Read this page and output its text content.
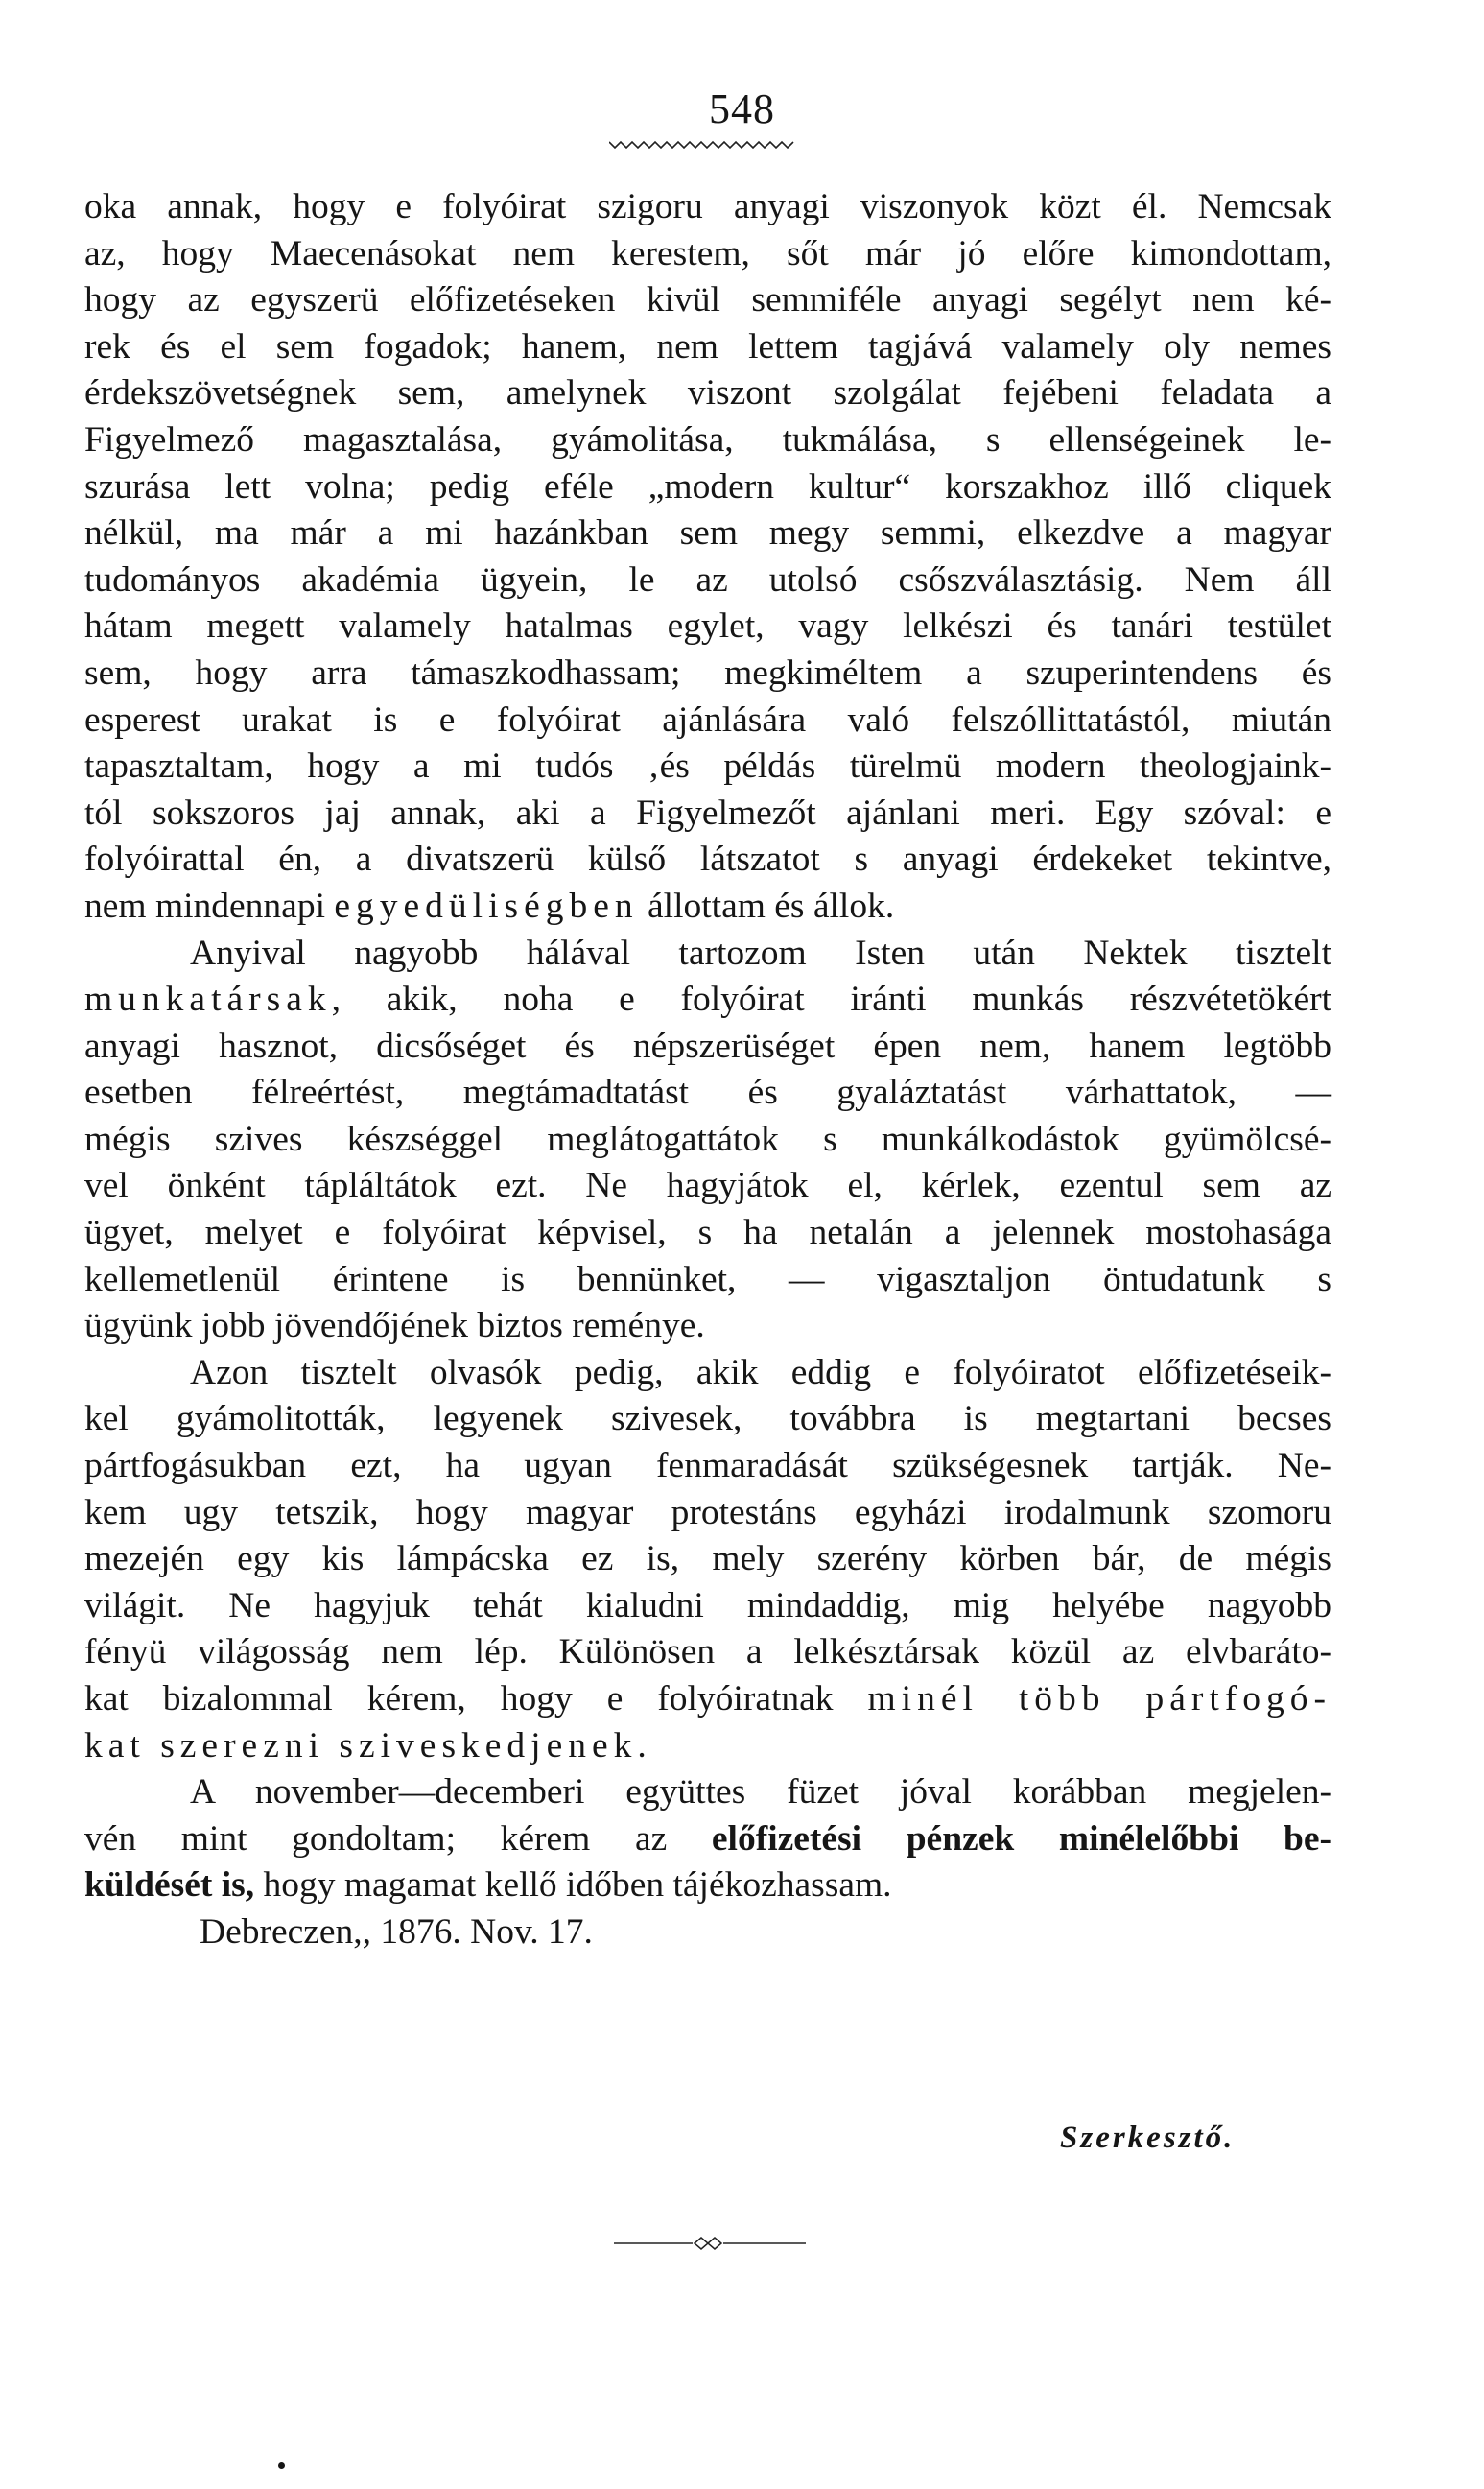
548
oka annak, hogy e folyóirat szigoru anyagi viszonyok közt él. Nemcsak
az, hogy Maecenásokat nem kerestem, sőt már jó előre kimondottam,
hogy az egyszerü előfizetéseken kivül semmiféle anyagi segélyt nem ké-
rek és el sem fogadok; hanem, nem lettem tagjává valamely oly nemes
érdekszövetségnek sem, amelynek viszont szolgálat fejébeni feladata a
Figyelmező magasztalása, gyámolitása, tukmálása, s ellenségeinek le-
szurása lett volna; pedig eféle „modern kultur“ korszakhoz illő cliquek
nélkül, ma már a mi hazánkban sem megy semmi, elkezdve a magyar
tudományos akadémia ügyein, le az utolsó csőszválasztásig. Nem áll
hátam megett valamely hatalmas egylet, vagy lelkészi és tanári testület
sem, hogy arra támaszkodhassam; megkiméltem a szuperintendens és
esperest urakat is e folyóirat ajánlására való felszóllittatástól, miután
tapasztaltam, hogy a mi tudós ‚és példás türelmü modern theologjaink-
tól sokszoros jaj annak, aki a Figyelmezőt ajánlani meri. Egy szóval: e
folyóirattal én, a divatszerü külső látszatot s anyagi érdekeket tekintve,
nem mindennapi egyedüliségben állottam és állok.
Anyival nagyobb hálával tartozom Isten után Nektek tisztelt
munkatársak, akik, noha e folyóirat iránti munkás részvétetökért
anyagi hasznot, dicsőséget és népszerüséget épen nem, hanem legtöbb
esetben félreértést, megtámadtatást és gyaláztatást várhattatok, —
mégis szives készséggel meglátogattátok s munkálkodástok gyümölcsé-
vel önként tápláltátok ezt. Ne hagyjátok el, kérlek, ezentul sem az
ügyet, melyet e folyóirat képvisel, s ha netalán a jelennek mostohasága
kellemetlenül érintene is bennünket, — vigasztaljon öntudatunk s
ügyünk jobb jövendőjének biztos reménye.
Azon tisztelt olvasók pedig, akik eddig e folyóiratot előfizetéseik-
kel gyámolitották, legyenek szivesek, továbbra is megtartani becses
pártfogásukban ezt, ha ugyan fenmaradását szükségesnek tartják. Ne-
kem ugy tetszik, hogy magyar protestáns egyházi irodalmunk szomoru
mezején egy kis lámpácska ez is, mely szerény körben bár, de mégis
világit. Ne hagyjuk tehát kialudni mindaddig, mig helyébe nagyobb
fényü világosság nem lép. Különösen a lelkésztársak közül az elvbaráto-
kat bizalommal kérem, hogy e folyóiratnak minél több pártfogó-
kat szerezni sziveskedjenek.
A november—decemberi együttes füzet jóval korábban megjelen-
vén mint gondoltam; kérem az előfizetési pénzek minélelőbbi be-
küldését is, hogy magamat kellő időben tájékozhassam.
Debreczen,, 1876. Nov. 17.
Szerkesztő.
